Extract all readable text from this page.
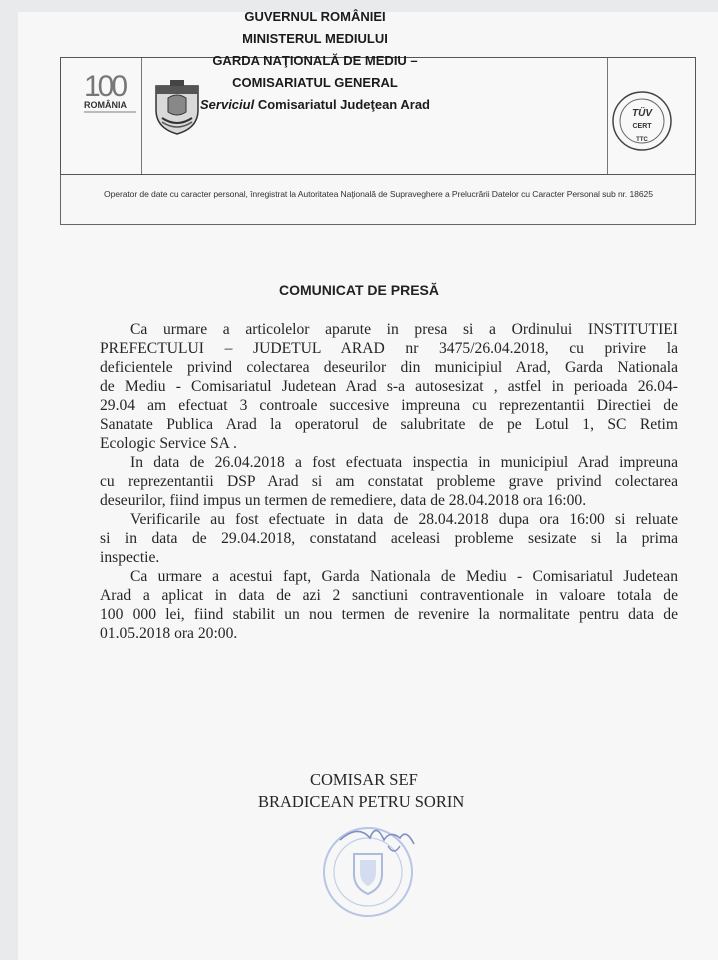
100
ROMÂNIA
GUVERNUL ROMÂNIEI
MINISTERUL MEDIULUI
GARDA NAŢIONALĂ DE MEDIU –
COMISARIATUL GENERAL
Serviciul Comisariatul Judeţean Arad
TÜV
CERT
TTC
Operator de date cu caracter personal, înregistrat la Autoritatea Naţională de Supraveghere a Prelucrării Datelor cu Caracter Personal sub nr. 18625
COMUNICAT DE PRESĂ

Ca urmare a articolelor aparute in presa si a Ordinului INSTITUTIEI
PREFECTULUI – JUDETUL ARAD nr 3475/26.04.2018, cu privire la
deficientele privind colectarea deseurilor din municipiul Arad, Garda Nationala
de Mediu - Comisariatul Judetean Arad s-a autosesizat , astfel in perioada 26.04-
29.04 am efectuat 3 controale succesive impreuna cu reprezentantii Directiei de
Sanatate Publica Arad la operatorul de salubritate de pe Lotul 1, SC Retim
Ecologic Service SA .

In data de 26.04.2018 a fost efectuata inspectia in municipiul Arad impreuna
cu reprezentantii DSP Arad si am constatat probleme grave privind colectarea
deseurilor, fiind impus un termen de remediere, data de 28.04.2018 ora 16:00.

Verificarile au fost efectuate in data de 28.04.2018 dupa ora 16:00 si reluate
si in data de 29.04.2018, constatand aceleasi probleme sesizate si la prima
inspectie.

Ca urmare a acestui fapt, Garda Nationala de Mediu - Comisariatul Judetean
Arad a aplicat in data de azi 2 sanctiuni contraventionale in valoare totala de
100 000 lei, fiind stabilit un nou termen de revenire la normalitate pentru data de
01.05.2018 ora 20:00.

COMISAR SEF
BRADICEAN PETRU SORIN
